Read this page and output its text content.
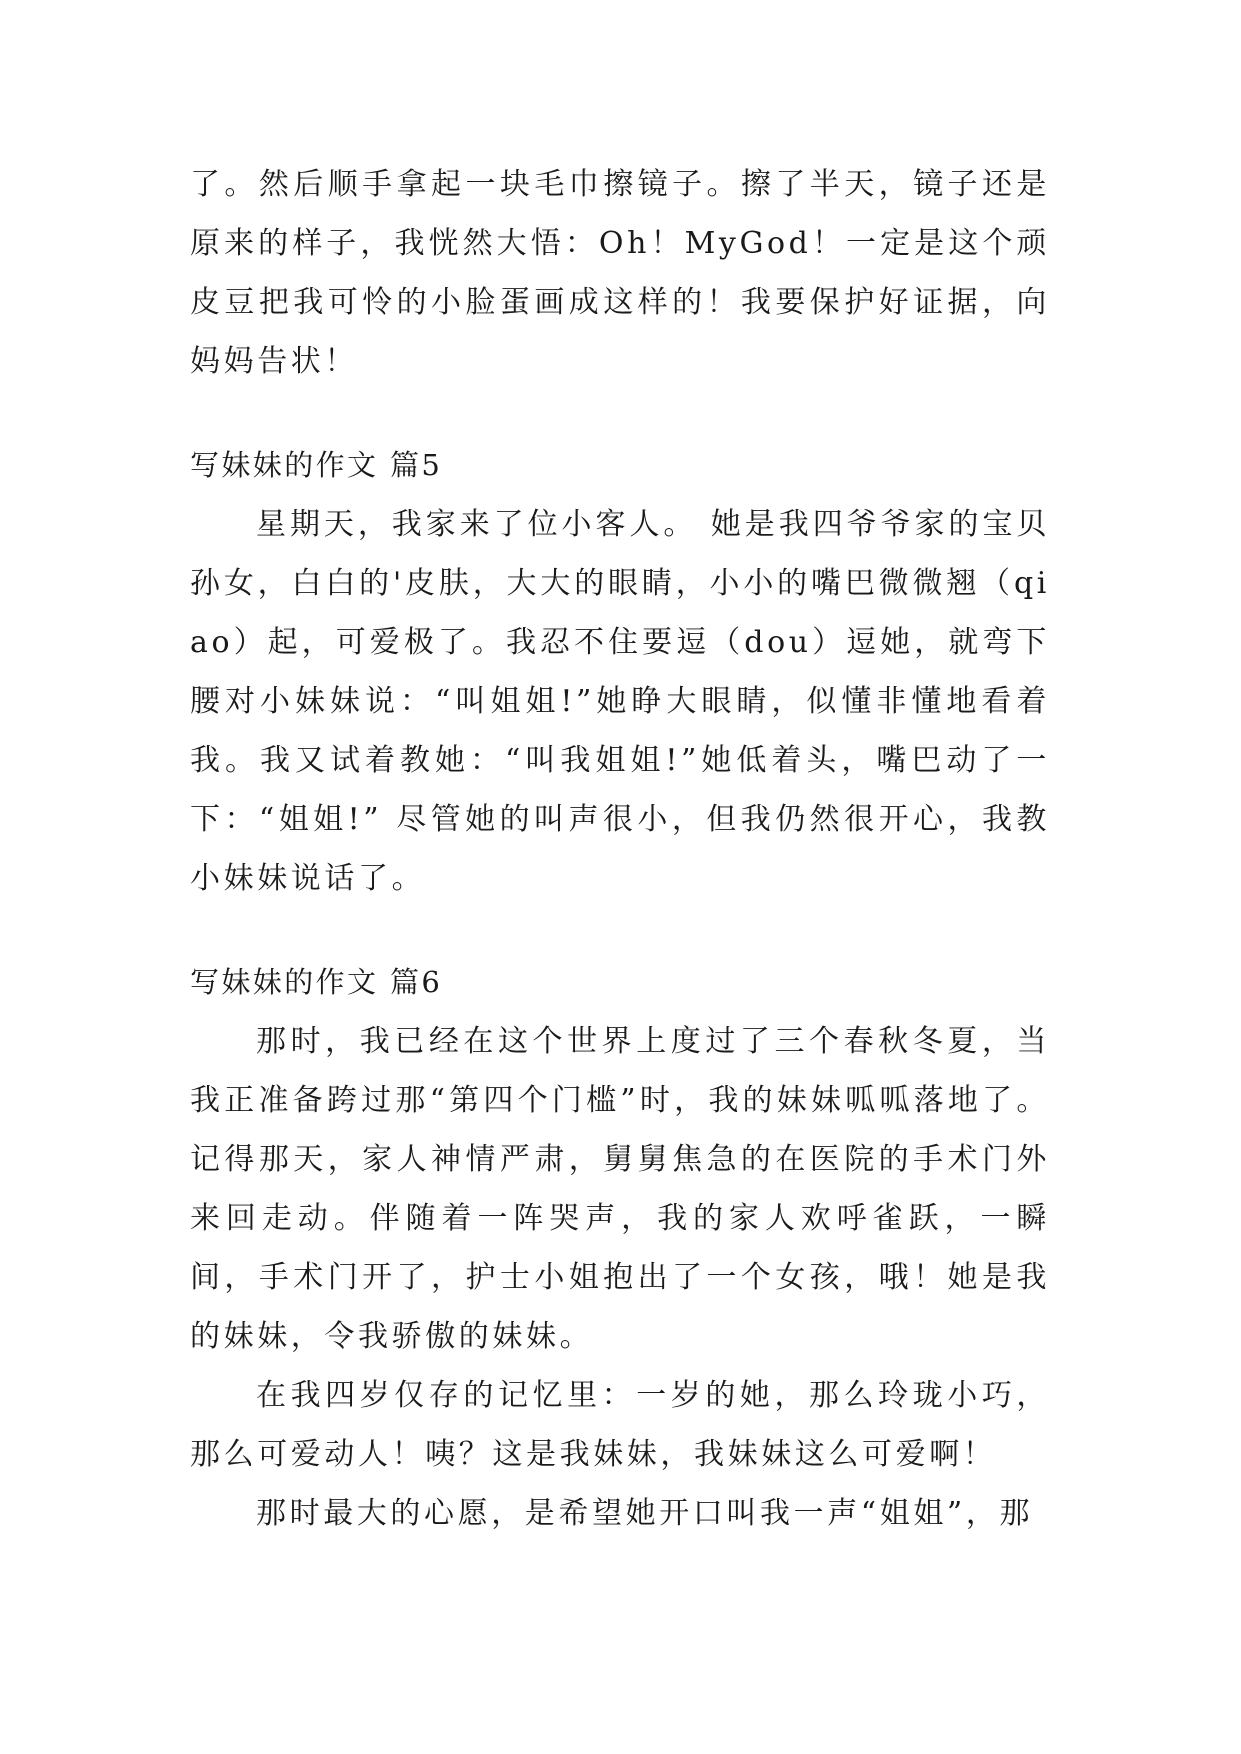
了。然后顺手拿起一块毛巾擦镜子。擦了半天，镜子还是原来的样子，我恍然大悟：Oh！MyGod！一定是这个顽皮豆把我可怜的小脸蛋画成这样的！我要保护好证据，向妈妈告状！

写妹妹的作文 篇5

星期天，我家来了位小客人。 她是我四爷爷家的宝贝孙女，白白的'皮肤，大大的眼睛，小小的嘴巴微微翘（qiao）起，可爱极了。我忍不住要逗（dou）逗她，就弯下腰对小妹妹说：“叫姐姐!”她睁大眼睛，似懂非懂地看着我。我又试着教她：“叫我姐姐!”她低着头，嘴巴动了一下：“姐姐!” 尽管她的叫声很小，但我仍然很开心，我教小妹妹说话了。

写妹妹的作文 篇6

那时，我已经在这个世界上度过了三个春秋冬夏，当我正准备跨过那“第四个门槛”时，我的妹妹呱呱落地了。记得那天，家人神情严肃，舅舅焦急的在医院的手术门外来回走动。伴随着一阵哭声，我的家人欢呼雀跃，一瞬间，手术门开了，护士小姐抱出了一个女孩，哦！她是我的妹妹，令我骄傲的妹妹。

在我四岁仅存的记忆里：一岁的她，那么玲珑小巧，那么可爱动人！咦？这是我妹妹，我妹妹这么可爱啊！

那时最大的心愿，是希望她开口叫我一声“姐姐”，那
